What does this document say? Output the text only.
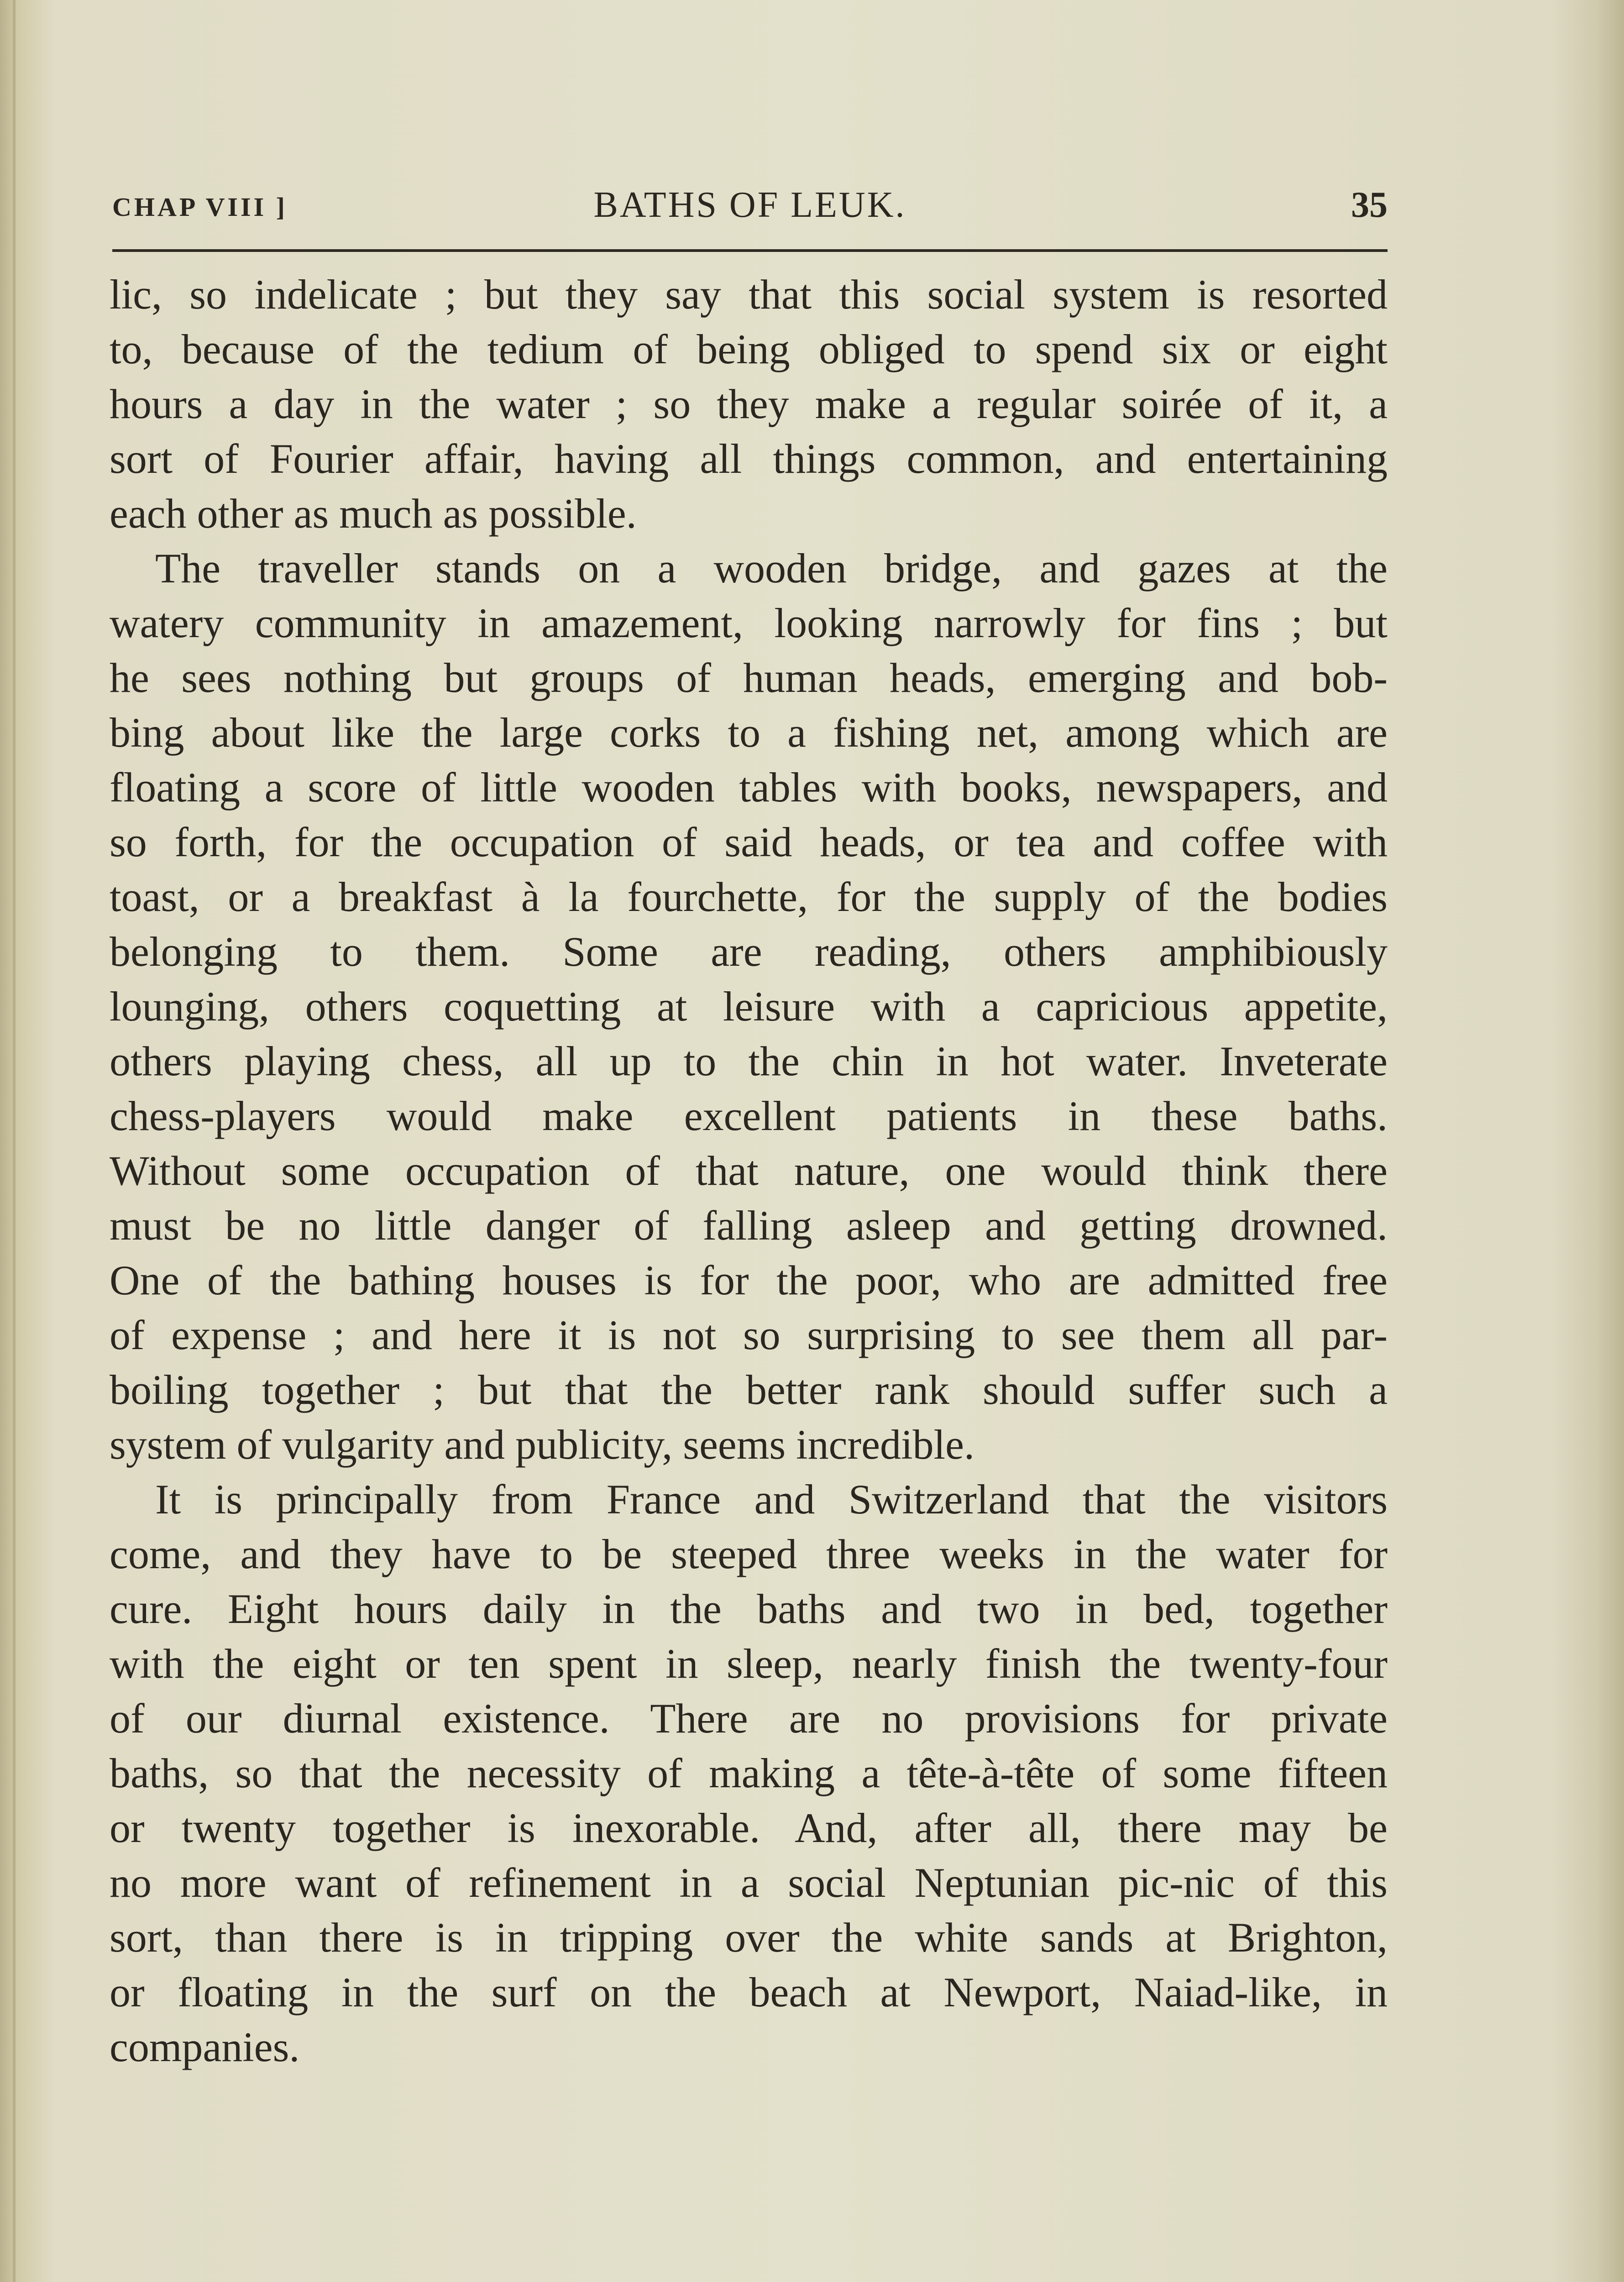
CHAP VIII ]	BATHS OF LEUK.	35
lic, so indelicate ; but they say that this social system is resorted
to, because of the tedium of being obliged to spend six or eight
hours a day in the water ; so they make a regular soirée of it, a
sort of Fourier affair, having all things common, and entertaining
each other as much as possible.
The traveller stands on a wooden bridge, and gazes at the
watery community in amazement, looking narrowly for fins ; but
he sees nothing but groups of human heads, emerging and bob-
bing about like the large corks to a fishing net, among which are
floating a score of little wooden tables with books, newspapers, and
so forth, for the occupation of said heads, or tea and coffee with
toast, or a breakfast à la fourchette, for the supply of the bodies
belonging to them. Some are reading, others amphibiously
lounging, others coquetting at leisure with a capricious appetite,
others playing chess, all up to the chin in hot water. Inveterate
chess-players would make excellent patients in these baths.
Without some occupation of that nature, one would think there
must be no little danger of falling asleep and getting drowned.
One of the bathing houses is for the poor, who are admitted free
of expense ; and here it is not so surprising to see them all par-
boiling together ; but that the better rank should suffer such a
system of vulgarity and publicity, seems incredible.
It is principally from France and Switzerland that the visitors
come, and they have to be steeped three weeks in the water for
cure. Eight hours daily in the baths and two in bed, together
with the eight or ten spent in sleep, nearly finish the twenty-four
of our diurnal existence. There are no provisions for private
baths, so that the necessity of making a tête-à-tête of some fifteen
or twenty together is inexorable. And, after all, there may be
no more want of refinement in a social Neptunian pic-nic of this
sort, than there is in tripping over the white sands at Brighton,
or floating in the surf on the beach at Newport, Naiad-like, in
companies.
